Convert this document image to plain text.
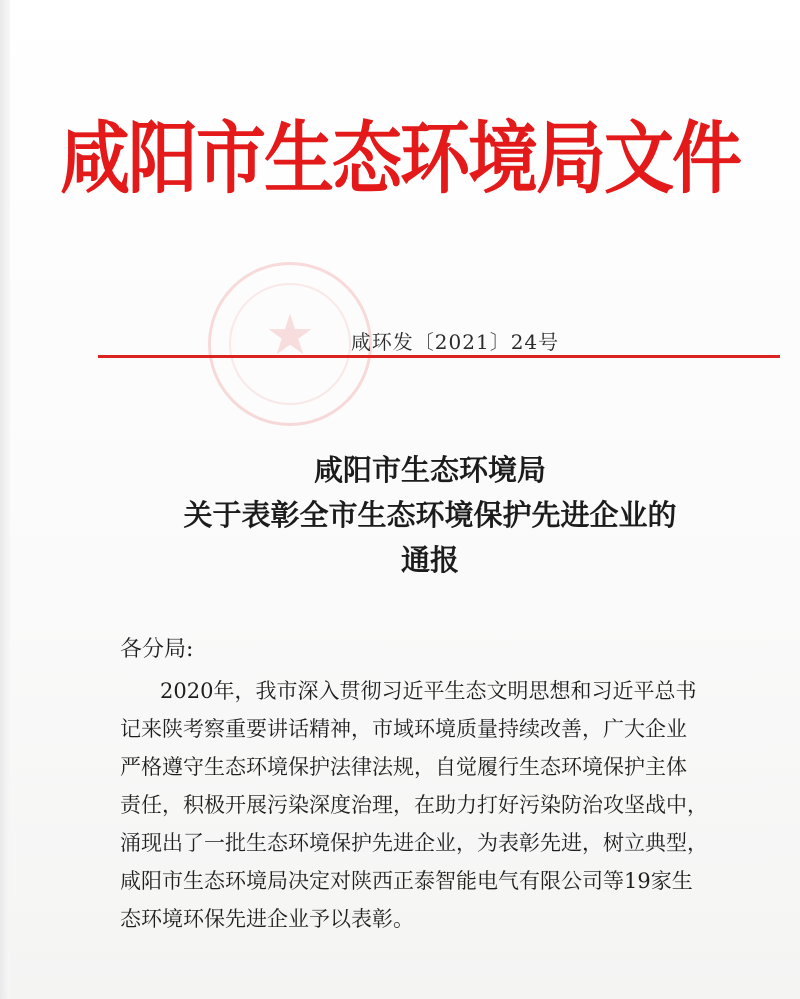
咸阳市生态环境局文件
★	咸环发〔2021〕24号
咸阳市生态环境局
关于表彰全市生态环境保护先进企业的
通报
各分局:
2020年，我市深入贯彻习近平生态文明思想和习近平总书
记来陕考察重要讲话精神，市域环境质量持续改善，广大企业
严格遵守生态环境保护法律法规，自觉履行生态环境保护主体
责任，积极开展污染深度治理，在助力打好污染防治攻坚战中，
涌现出了一批生态环境保护先进企业，为表彰先进，树立典型，
咸阳市生态环境局决定对陕西正泰智能电气有限公司等19家生
态环境环保先进企业予以表彰。
